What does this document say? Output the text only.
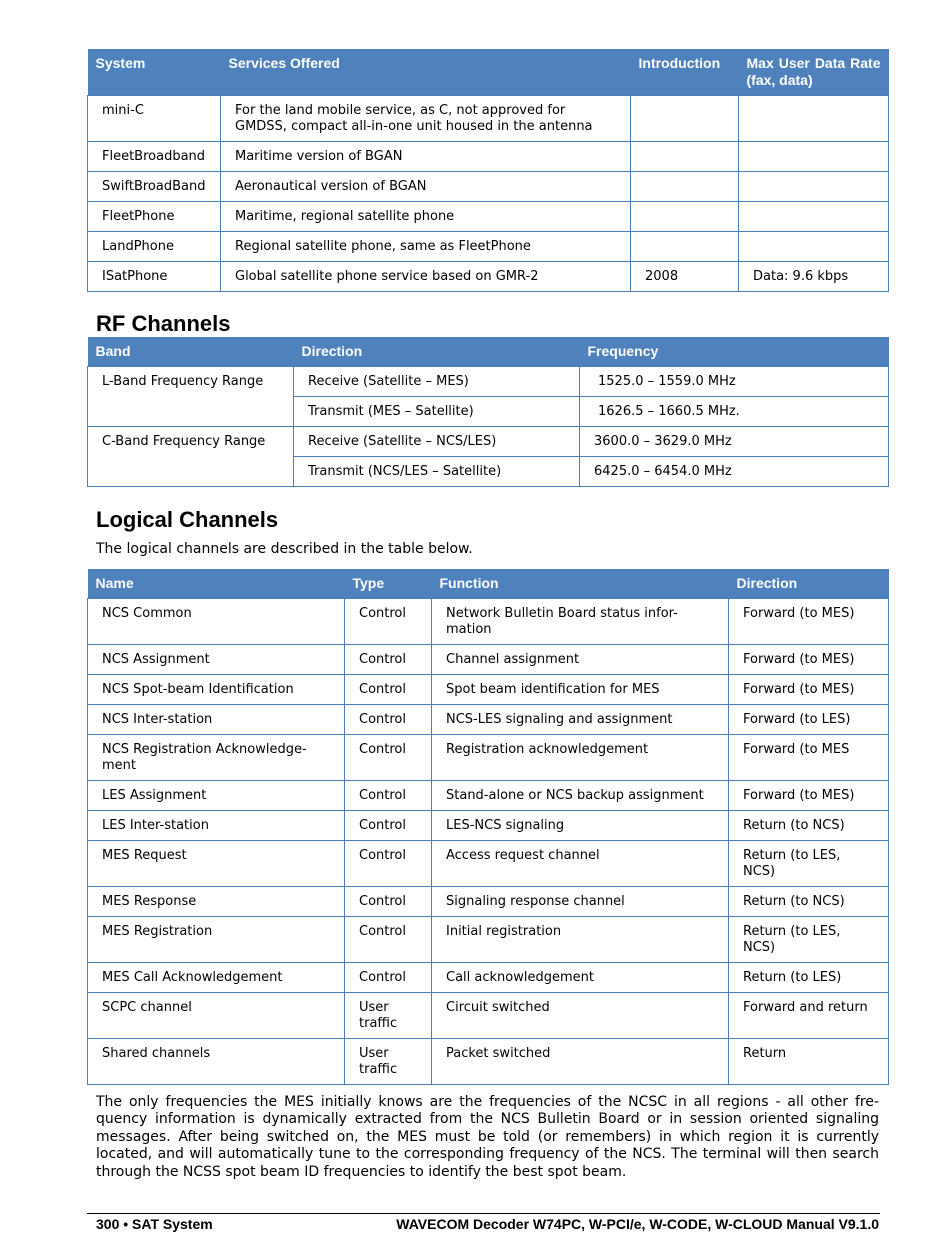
System	Services Offered	Introduction	Max User Data Rate (fax, data)
mini-C	For the land mobile service, as C, not approved for GMDSS, compact all-in-one unit housed in the antenna		
FleetBroadband	Maritime version of BGAN		
SwiftBroadBand	Aeronautical version of BGAN		
FleetPhone	Maritime, regional satellite phone		
LandPhone	Regional satellite phone, same as FleetPhone		
ISatPhone	Global satellite phone service based on GMR-2	2008	Data: 9.6 kbps
RF Channels
Band	Direction	Frequency
L-Band Frequency Range	Receive (Satellite – MES)	1525.0 – 1559.0 MHz
	Transmit (MES – Satellite)	1626.5 – 1660.5 MHz.
C-Band Frequency Range	Receive (Satellite – NCS/LES)	3600.0 – 3629.0 MHz
	Transmit (NCS/LES – Satellite)	6425.0 – 6454.0 MHz
Logical Channels

The logical channels are described in the table below.

Name	Type	Function	Direction
NCS Common	Control	Network Bulletin Board status infor-mation	Forward (to MES)
NCS Assignment	Control	Channel assignment	Forward (to MES)
NCS Spot-beam Identification	Control	Spot beam identification for MES	Forward (to MES)
NCS Inter-station	Control	NCS-LES signaling and assignment	Forward (to LES)
NCS Registration Acknowledge-ment	Control	Registration acknowledgement	Forward (to MES
LES Assignment	Control	Stand-alone or NCS backup assignment	Forward (to MES)
LES Inter-station	Control	LES-NCS signaling	Return (to NCS)
MES Request	Control	Access request channel	Return (to LES, NCS)
MES Response	Control	Signaling response channel	Return (to NCS)
MES Registration	Control	Initial registration	Return (to LES, NCS)
MES Call Acknowledgement	Control	Call acknowledgement	Return (to LES)
SCPC channel	User traffic	Circuit switched	Forward and return
Shared channels	User traffic	Packet switched	Return

The only frequencies the MES initially knows are the frequencies of the NCSC in all regions - all other fre-quency information is dynamically extracted from the NCS Bulletin Board or in session oriented signaling messages. After being switched on, the MES must be told (or remembers) in which region it is currently located, and will automatically tune to the corresponding frequency of the NCS. The terminal will then search through the NCSS spot beam ID frequencies to identify the best spot beam.

300 • SAT System	WAVECOM Decoder W74PC, W-PCI/e, W-CODE, W-CLOUD Manual V9.1.0
